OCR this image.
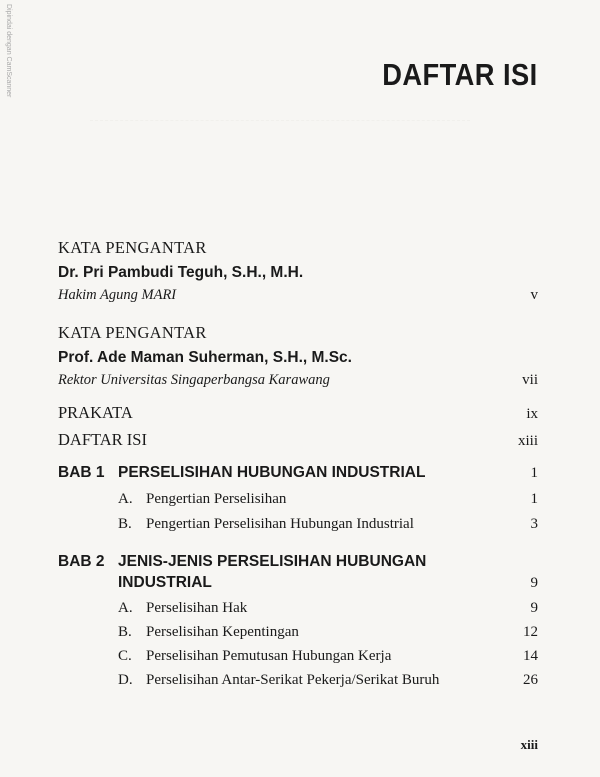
Dipindai dengan CamScanner	DAFTAR ISI
KATA PENGANTAR
Dr. Pri Pambudi Teguh, S.H., M.H.
Hakim Agung MARI	v
KATA PENGANTAR
Prof. Ade Maman Suherman, S.H., M.Sc.
Rektor Universitas Singaperbangsa Karawang	vii
PRAKATA	ix
DAFTAR ISI	xiii
BAB 1 PERSELISIHAN HUBUNGAN INDUSTRIAL	1
A. Pengertian Perselisihan	1
B. Pengertian Perselisihan Hubungan Industrial	3
BAB 2 JENIS-JENIS PERSELISIHAN HUBUNGAN
INDUSTRIAL	9
A. Perselisihan Hak	9
B. Perselisihan Kepentingan	12
C. Perselisihan Pemutusan Hubungan Kerja	14
D. Perselisihan Antar-Serikat Pekerja/Serikat Buruh	26
xiii
